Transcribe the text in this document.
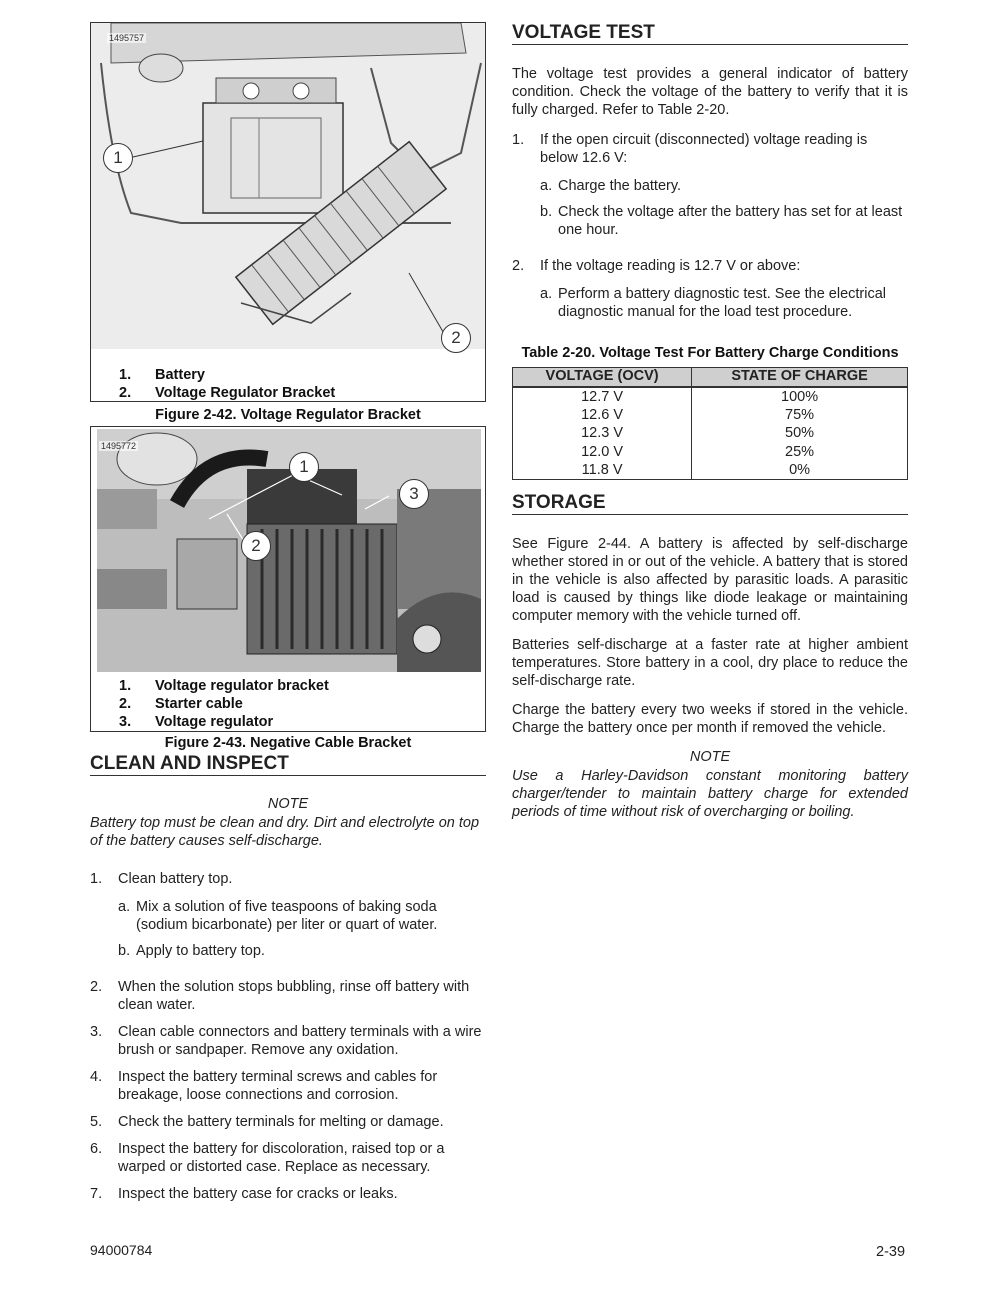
1495757
1
2
1.	Battery
2.	Voltage Regulator Bracket
Figure 2-42. Voltage Regulator Bracket
1495772
1
2
3
1.	Voltage regulator bracket
2.	Starter cable
3.	Voltage regulator
Figure 2-43. Negative Cable Bracket
CLEAN AND INSPECT
NOTE
Battery top must be clean and dry. Dirt and electrolyte on top of the battery causes self-discharge.
1. Clean battery top.
a. Mix a solution of five teaspoons of baking soda (sodium bicarbonate) per liter or quart of water.
b. Apply to battery top.
2. When the solution stops bubbling, rinse off battery with clean water.
3. Clean cable connectors and battery terminals with a wire brush or sandpaper. Remove any oxidation.
4. Inspect the battery terminal screws and cables for breakage, loose connections and corrosion.
5. Check the battery terminals for melting or damage.
6. Inspect the battery for discoloration, raised top or a warped or distorted case. Replace as necessary.
7. Inspect the battery case for cracks or leaks.
VOLTAGE TEST

The voltage test provides a general indicator of battery condition. Check the voltage of the battery to verify that it is fully charged. Refer to Table 2-20.

1. If the open circuit (disconnected) voltage reading is below 12.6 V:
a. Charge the battery.
b. Check the voltage after the battery has set for at least one hour.
2. If the voltage reading is 12.7 V or above:
a. Perform a battery diagnostic test. See the electrical diagnostic manual for the load test procedure.
Table 2-20. Voltage Test For Battery Charge Conditions
VOLTAGE (OCV)	STATE OF CHARGE
12.7 V	100%
12.6 V	75%
12.3 V	50%
12.0 V	25%
11.8 V	0%
STORAGE

See Figure 2-44. A battery is affected by self-discharge whether stored in or out of the vehicle. A battery that is stored in the vehicle is also affected by parasitic loads. A parasitic load is caused by things like diode leakage or maintaining computer memory with the vehicle turned off.

Batteries self-discharge at a faster rate at higher ambient temperatures. Store battery in a cool, dry place to reduce the self-discharge rate.

Charge the battery every two weeks if stored in the vehicle. Charge the battery once per month if removed the vehicle.

NOTE
Use a Harley-Davidson constant monitoring battery charger/tender to maintain battery charge for extended periods of time without risk of overcharging or boiling.
94000784	2-39
